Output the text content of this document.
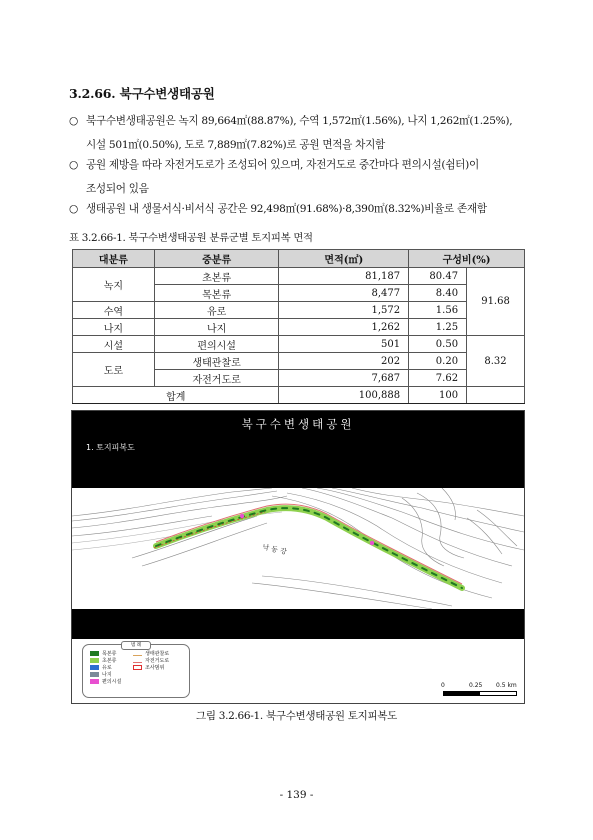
3.2.66. 북구수변생태공원
○ 북구수변생태공원은 녹지 89,664㎡(88.87%), 수역 1,572㎡(1.56%), 나지 1,262㎡(1.25%),
시설 501㎡(0.50%), 도로 7,889㎡(7.82%)로 공원 면적을 차지함
○ 공원 제방을 따라 자전거도로가 조성되어 있으며, 자전거도로 중간마다 편의시설(쉼터)이
조성되어 있음
○ 생태공원 내 생물서식·비서식 공간은 92,498㎡(91.68%)·8,390㎡(8.32%)비율로 존재함
표 3.2.66-1. 북구수변생태공원 분류군별 토지피복 면적
대분류	중분류	면적(㎡)	구성비(%)	
녹지	초본류	81,187	80.47	91.68
	목본류	8,477	8.40	
수역	유로	1,572	1.56	
나지	나지	1,262	1.25	
시설	편의시설	501	0.50	8.32
도로	생태관찰로	202	0.20	
	자전거도로	7,687	7.62	
합계		100,888	100	
북구수변생태공원
1. 토지피복도
낙 동 강
범 례
목본류
초본류
유로
나지
편의시설
생태관찰로
자전거도로
조사범위
0	0.25 0.5 km
그림 3.2.66-1. 북구수변생태공원 토지피복도
- 139 -
